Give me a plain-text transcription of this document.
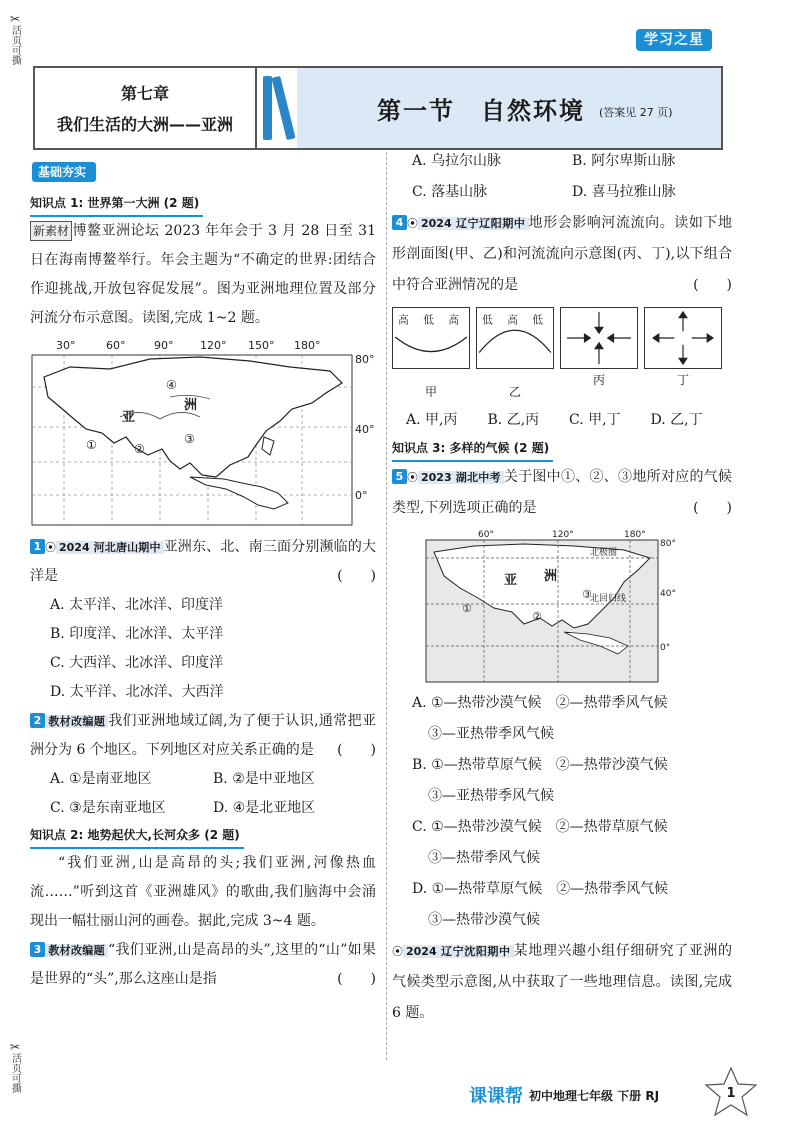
✂
活页可撕
✂
活页可撕
学习之星
第七章
我们生活的大洲——亚洲	第一节　自然环境 (答案见 27 页)
基础夯实
知识点 1: 世界第一大洲 (2 题)
新素材 博鳌亚洲论坛 2023 年年会于 3 月 28 日至 31 日在海南博鳌举行。年会主题为“不确定的世界:团结合作迎挑战,开放包容促发展”。图为亚洲地理位置及部分河流分布示意图。读图,完成 1~2 题。
30°	60°	90° 120° 150° 180°
80°
40°
0°
亚
洲
①	②
③
④
1 ⦿ 2024 河北唐山期中 亚洲东、北、南三面分别濒临的大洋是	(　　)
A. 太平洋、北冰洋、印度洋
B. 印度洋、北冰洋、太平洋
C. 大西洋、北冰洋、印度洋
D. 太平洋、北冰洋、大西洋
2 教材改编题 我们亚洲地域辽阔,为了便于认识,通常把亚洲分为 6 个地区。下列地区对应关系正确的是 (　　)
A. ①是南亚地区	B. ②是中亚地区
C. ③是东南亚地区	D. ④是北亚地区
知识点 2: 地势起伏大,长河众多 (2 题)
“我们亚洲,山是高昂的头;我们亚洲,河像热血流……”听到这首《亚洲雄风》的歌曲,我们脑海中会涌现出一幅壮丽山河的画卷。据此,完成 3~4 题。
3 教材改编题 “我们亚洲,山是高昂的头”,这里的“山”如果是世界的“头”,那么这座山是指	(　　)
A. 乌拉尔山脉	B. 阿尔卑斯山脉
C. 落基山脉	D. 喜马拉雅山脉
4 ⦿ 2024 辽宁辽阳期中 地形会影响河流流向。读如下地形剖面图(甲、乙)和河流流向示意图(丙、丁),以下组合中符合亚洲情况的是	(　　)
高 低 高
甲
低 高 低
乙
丙	丁
A. 甲,丙	B. 乙,丙	C. 甲,丁	D. 乙,丁
知识点 3: 多样的气候 (2 题)
5 ⦿ 2023 湖北中考 关于图中①、②、③地所对应的气候类型,下列选项正确的是	(　　)
60°	120°	180°
80°
40°
0°
北极圈
北回归线
亚 洲
①
②
③
A. ①—热带沙漠气候　 ②—热带季风气候
③—亚热带季风气候
B. ①—热带草原气候　 ②—热带沙漠气候
③—亚热带季风气候
C. ①—热带沙漠气候　 ②—热带草原气候
③—热带季风气候
D. ①—热带草原气候　 ②—热带季风气候
③—热带沙漠气候
⦿ 2024 辽宁沈阳期中 某地理兴趣小组仔细研究了亚洲的气候类型示意图,从中获取了一些地理信息。读图,完成 6 题。
课课帮 初中地理七年级 下册 RJ	1
